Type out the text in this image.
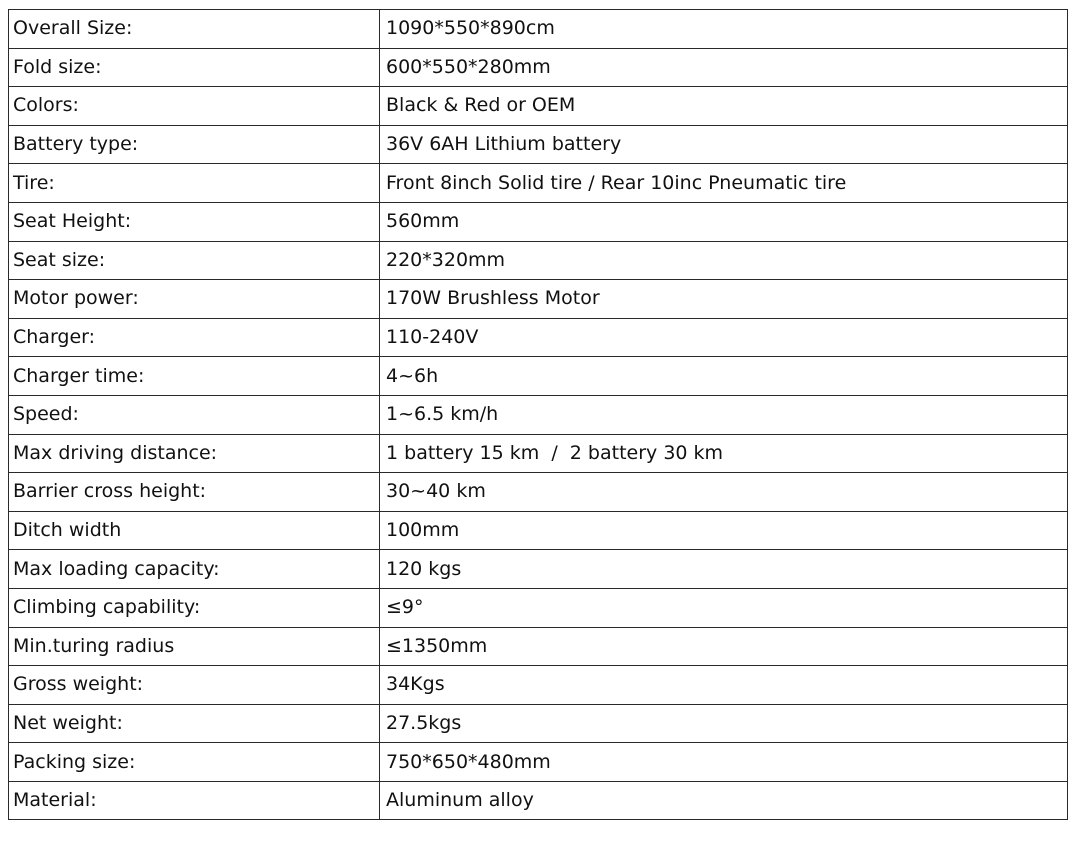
Overall Size:	1090*550*890cm
Fold size:	600*550*280mm
Colors:	Black & Red or OEM
Battery type:	36V 6AH Lithium battery
Tire:	Front 8inch Solid tire / Rear 10inc Pneumatic tire
Seat Height:	560mm
Seat size:	220*320mm
Motor power:	170W Brushless Motor
Charger:	110-240V
Charger time:	4~6h
Speed:	1~6.5 km/h
Max driving distance:	1 battery 15 km  /  2 battery 30 km
Barrier cross height:	30~40 km
Ditch width	100mm
Max loading capacity:	120 kgs
Climbing capability:	≤9°
Min.turing radius	≤1350mm
Gross weight:	34Kgs
Net weight:	27.5kgs
Packing size:	750*650*480mm
Material:	Aluminum alloy
